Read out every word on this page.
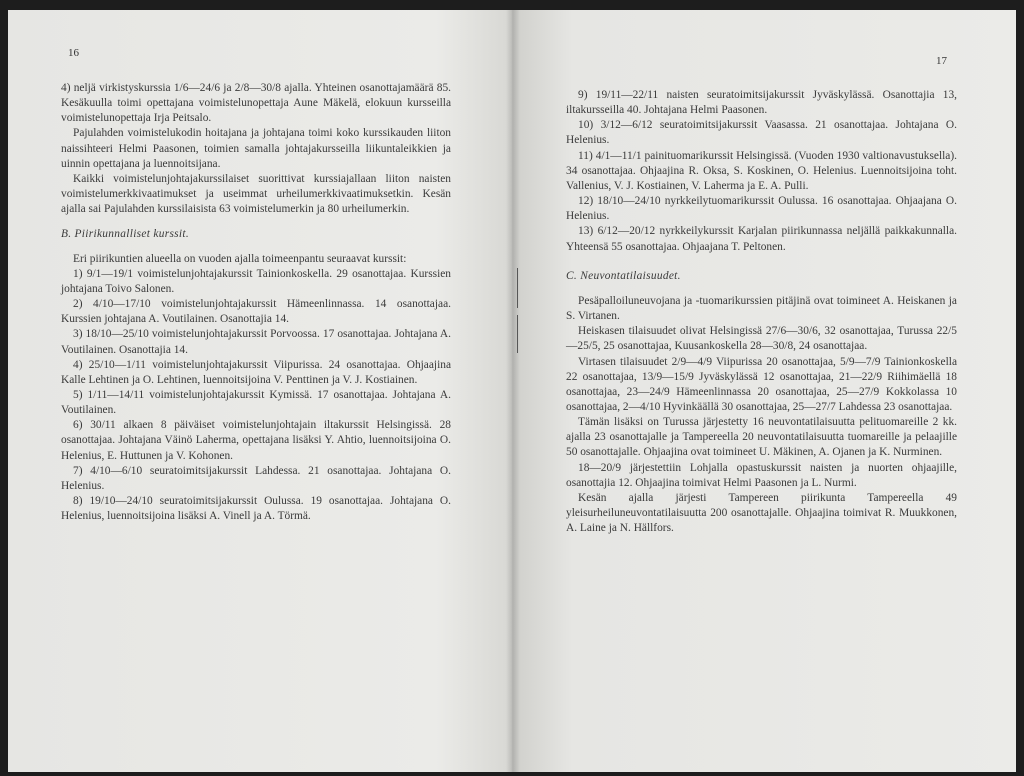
16

4) neljä virkistyskurssia 1/6—24/6 ja 2/8—30/8 ajalla. Yhteinen osanottajamäärä 85. Kesäkuulla toimi opettajana voimistelunopettaja Aune Mäkelä, elokuun kursseilla voimistelunopettaja Irja Peitsalo.

Pajulahden voimistelukodin hoitajana ja johtajana toimi koko kurssikauden liiton naissihteeri Helmi Paasonen, toimien samalla johtajakursseilla liikuntaleikkien ja uinnin opettajana ja luennoitsijana.

Kaikki voimistelunjohtajakurssilaiset suorittivat kurssiajallaan liiton naisten voimistelumerkkivaatimukset ja useimmat urheilumerkkivaatimuksetkin. Kesän ajalla sai Pajulahden kurssilaisista 63 voimistelumerkin ja 80 urheilumerkin.

B. Piirikunnalliset kurssit.

Eri piirikuntien alueella on vuoden ajalla toimeenpantu seuraavat kurssit:

1) 9/1—19/1 voimistelunjohtajakurssit Tainionkoskella. 29 osanottajaa. Kurssien johtajana Toivo Salonen.

2) 4/10—17/10 voimistelunjohtajakurssit Hämeenlinnassa. 14 osanottajaa. Kurssien johtajana A. Voutilainen. Osanottajia 14.

3) 18/10—25/10 voimistelunjohtajakurssit Porvoossa. 17 osanottajaa. Johtajana A. Voutilainen. Osanottajia 14.

4) 25/10—1/11 voimistelunjohtajakurssit Viipurissa. 24 osanottajaa. Ohjaajina Kalle Lehtinen ja O. Lehtinen, luennoitsijoina V. Penttinen ja V. J. Kostiainen.

5) 1/11—14/11 voimistelunjohtajakurssit Kymissä. 17 osanottajaa. Johtajana A. Voutilainen.

6) 30/11 alkaen 8 päiväiset voimistelunjohtajain iltakurssit Helsingissä. 28 osanottajaa. Johtajana Väinö Laherma, opettajana lisäksi Y. Ahtio, luennoitsijoina O. Helenius, E. Huttunen ja V. Kohonen.

7) 4/10—6/10 seuratoimitsijakurssit Lahdessa. 21 osanottajaa. Johtajana O. Helenius.

8) 19/10—24/10 seuratoimitsijakurssit Oulussa. 19 osanottajaa. Johtajana O. Helenius, luennoitsijoina lisäksi A. Vinell ja A. Törmä.

17

9) 19/11—22/11 naisten seuratoimitsijakurssit Jyväskylässä. Osanottajia 13, iltakursseilla 40. Johtajana Helmi Paasonen.

10) 3/12—6/12 seuratoimitsijakurssit Vaasassa. 21 osanottajaa. Johtajana O. Helenius.

11) 4/1—11/1 painituomarikurssit Helsingissä. (Vuoden 1930 valtionavustuksella). 34 osanottajaa. Ohjaajina R. Oksa, S. Koskinen, O. Helenius. Luennoitsijoina toht. Vallenius, V. J. Kostiainen, V. Laherma ja E. A. Pulli.

12) 18/10—24/10 nyrkkeilytuomarikurssit Oulussa. 16 osanottajaa. Ohjaajana O. Helenius.

13) 6/12—20/12 nyrkkeilykurssit Karjalan piirikunnassa neljällä paikkakunnalla. Yhteensä 55 osanottajaa. Ohjaajana T. Peltonen.

C. Neuvontatilaisuudet.

Pesäpalloiluneuvojana ja -tuomarikurssien pitäjinä ovat toimineet A. Heiskanen ja S. Virtanen.

Heiskasen tilaisuudet olivat Helsingissä 27/6—30/6, 32 osanottajaa, Turussa 22/5—25/5, 25 osanottajaa, Kuusankoskella 28—30/8, 24 osanottajaa.

Virtasen tilaisuudet 2/9—4/9 Viipurissa 20 osanottajaa, 5/9—7/9 Tainionkoskella 22 osanottajaa, 13/9—15/9 Jyväskylässä 12 osanottajaa, 21—22/9 Riihimäellä 18 osanottajaa, 23—24/9 Hämeenlinnassa 20 osanottajaa, 25—27/9 Kokkolassa 10 osanottajaa, 2—4/10 Hyvinkäällä 30 osanottajaa, 25—27/7 Lahdessa 23 osanottajaa.

Tämän lisäksi on Turussa järjestetty 16 neuvontatilaisuutta pelituomareille 2 kk. ajalla 23 osanottajalle ja Tampereella 20 neuvontatilaisuutta tuomareille ja pelaajille 50 osanottajalle. Ohjaajina ovat toimineet U. Mäkinen, A. Ojanen ja K. Nurminen.

18—20/9 järjestettiin Lohjalla opastuskurssit naisten ja nuorten ohjaajille, osanottajia 12. Ohjaajina toimivat Helmi Paasonen ja L. Nurmi.

Kesän ajalla järjesti Tampereen piirikunta Tampereella 49 yleisurheiluneuvontatilaisuutta 200 osanottajalle. Ohjaajina toimivat R. Muukkonen, A. Laine ja N. Hällfors.
